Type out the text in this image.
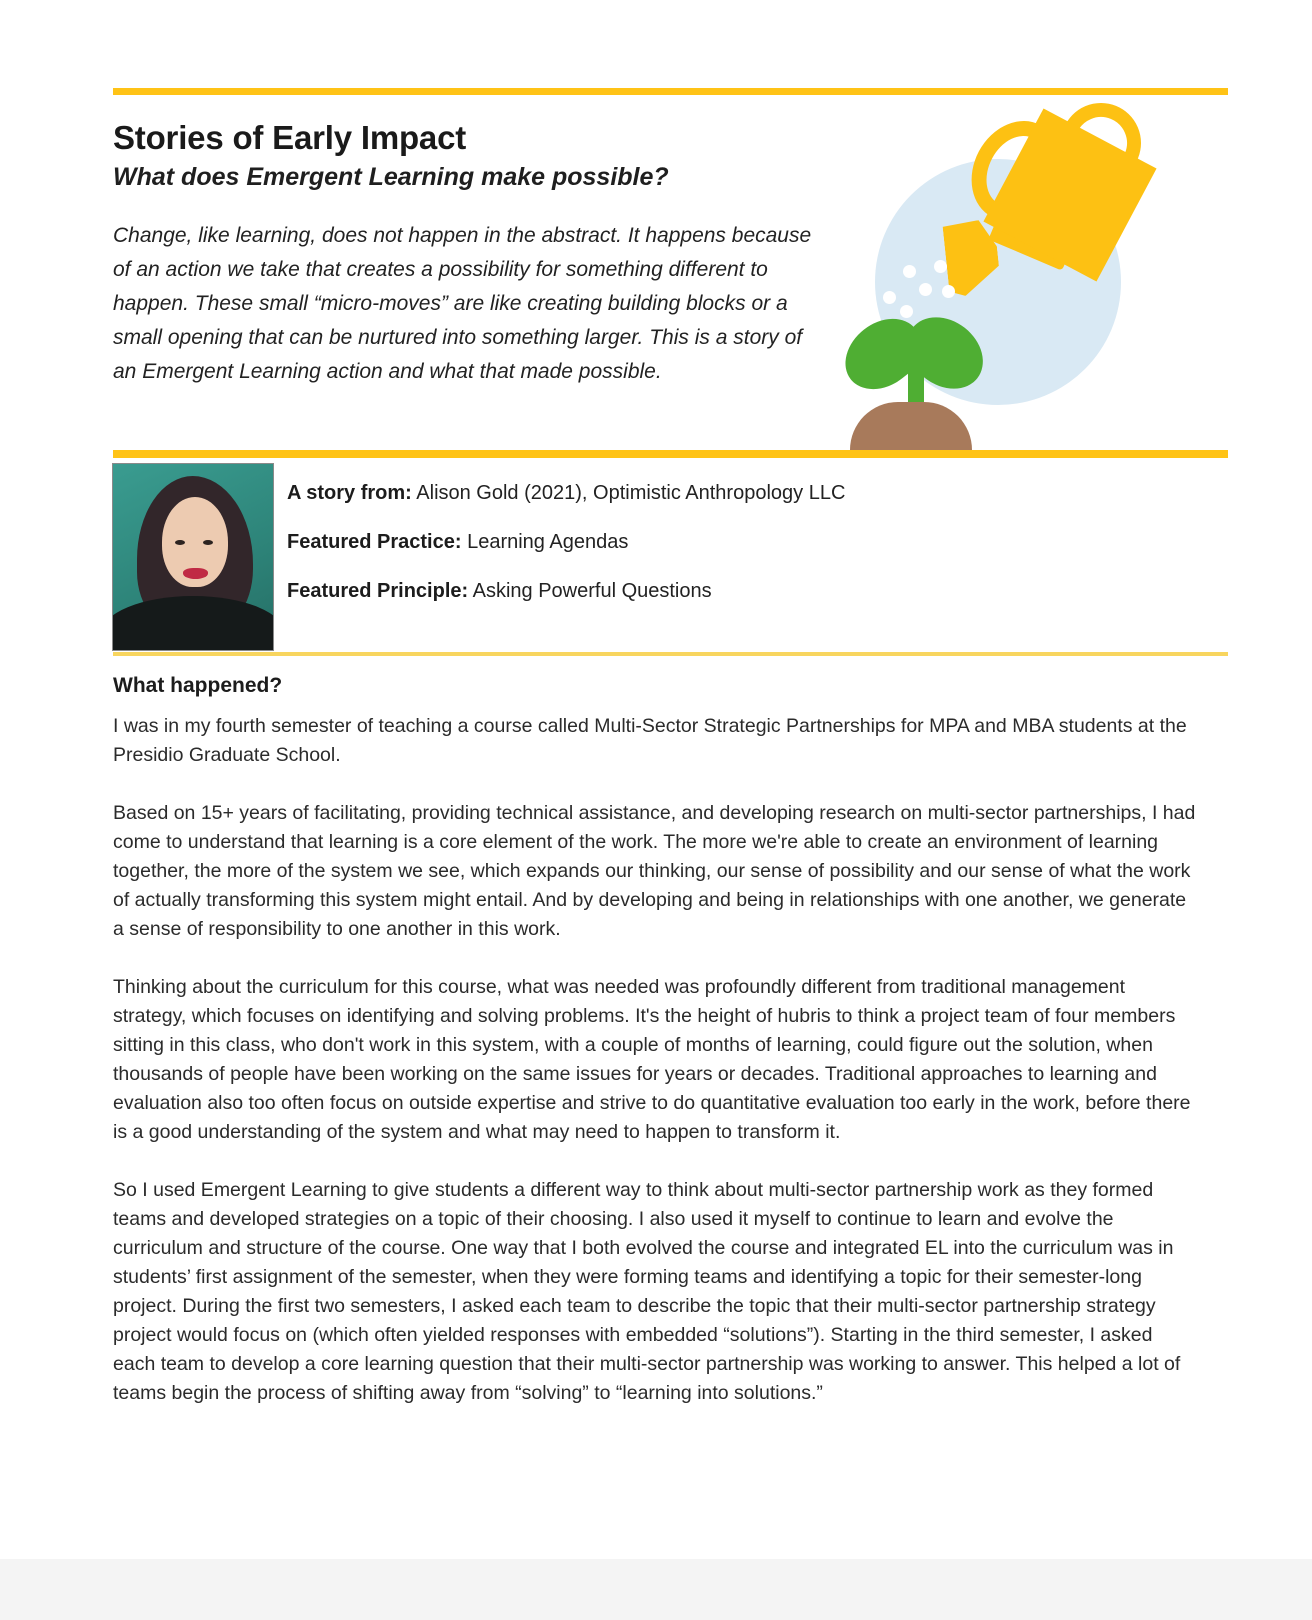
Stories of Early Impact
What does Emergent Learning make possible?

Change, like learning, does not happen in the abstract. It happens because of an action we take that creates a possibility for something different to happen. These small “micro-moves” are like creating building blocks or a small opening that can be nurtured into something larger. This is a story of an Emergent Learning action and what that made possible.

A story from: Alison Gold (2021), Optimistic Anthropology LLC

Featured Practice: Learning Agendas

Featured Principle: Asking Powerful Questions

What happened?

I was in my fourth semester of teaching a course called Multi-Sector Strategic Partnerships for MPA and MBA students at the Presidio Graduate School.

Based on 15+ years of facilitating, providing technical assistance, and developing research on multi-sector partnerships, I had come to understand that learning is a core element of the work. The more we're able to create an environment of learning together, the more of the system we see, which expands our thinking, our sense of possibility and our sense of what the work of actually transforming this system might entail. And by developing and being in relationships with one another, we generate a sense of responsibility to one another in this work.

Thinking about the curriculum for this course, what was needed was profoundly different from traditional management strategy, which focuses on identifying and solving problems. It's the height of hubris to think a project team of four members sitting in this class, who don't work in this system, with a couple of months of learning, could figure out the solution, when thousands of people have been working on the same issues for years or decades. Traditional approaches to learning and evaluation also too often focus on outside expertise and strive to do quantitative evaluation too early in the work, before there is a good understanding of the system and what may need to happen to transform it.

So I used Emergent Learning to give students a different way to think about multi-sector partnership work as they formed teams and developed strategies on a topic of their choosing. I also used it myself to continue to learn and evolve the curriculum and structure of the course. One way that I both evolved the course and integrated EL into the curriculum was in students’ first assignment of the semester, when they were forming teams and identifying a topic for their semester-long project. During the first two semesters, I asked each team to describe the topic that their multi-sector partnership strategy project would focus on (which often yielded responses with embedded “solutions”). Starting in the third semester, I asked each team to develop a core learning question that their multi-sector partnership was working to answer. This helped a lot of teams begin the process of shifting away from “solving” to “learning into solutions.”
